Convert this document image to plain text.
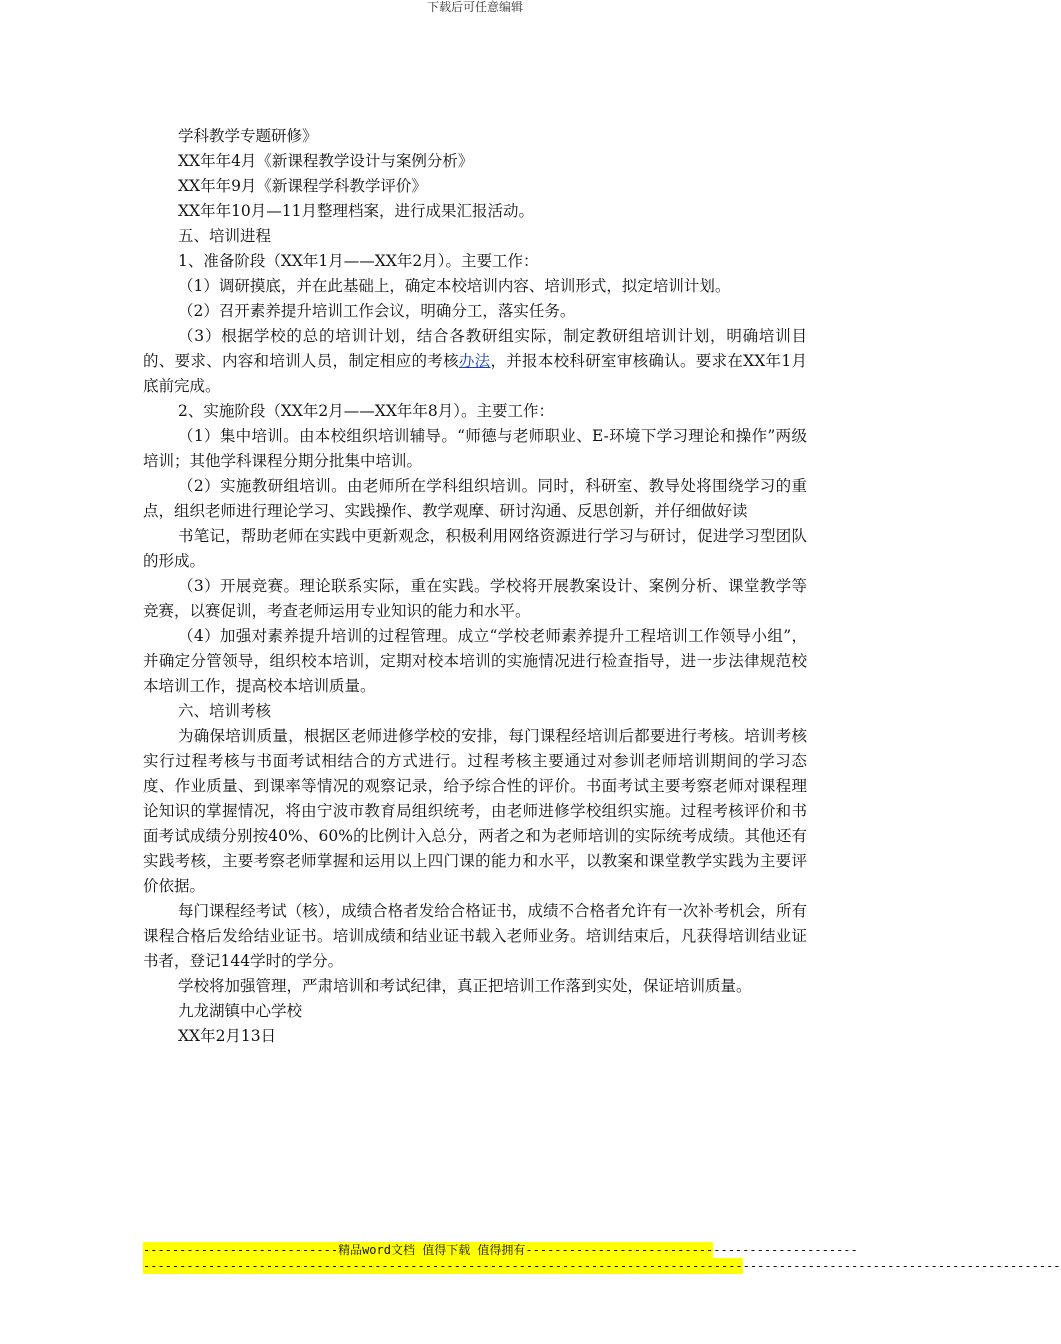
下载后可任意编辑

学科教学专题研修》

XX年年4月《新课程教学设计与案例分析》

XX年年9月《新课程学科教学评价》

XX年年10月—11月整理档案，进行成果汇报活动。

五、培训进程

1、准备阶段（XX年1月——XX年2月）。主要工作：

（1）调研摸底，并在此基础上，确定本校培训内容、培训形式，拟定培训计划。

（2）召开素养提升培训工作会议，明确分工，落实任务。

（3）根据学校的总的培训计划，结合各教研组实际，制定教研组培训计划，明确培训目的、要求、内容和培训人员，制定相应的考核办法，并报本校科研室审核确认。要求在XX年1月底前完成。

2、实施阶段（XX年2月——XX年年8月）。主要工作：

（1）集中培训。由本校组织培训辅导。“师德与老师职业、E-环境下学习理论和操作”两级培训；其他学科课程分期分批集中培训。

（2）实施教研组培训。由老师所在学科组织培训。同时，科研室、教导处将围绕学习的重点，组织老师进行理论学习、实践操作、教学观摩、研讨沟通、反思创新，并仔细做好读

书笔记，帮助老师在实践中更新观念，积极利用网络资源进行学习与研讨，促进学习型团队的形成。

（3）开展竞赛。理论联系实际，重在实践。学校将开展教案设计、案例分析、课堂教学等竞赛，以赛促训，考查老师运用专业知识的能力和水平。

（4）加强对素养提升培训的过程管理。成立“学校老师素养提升工程培训工作领导小组”，并确定分管领导，组织校本培训，定期对校本培训的实施情况进行检查指导，进一步法律规范校本培训工作，提高校本培训质量。

六、培训考核

为确保培训质量，根据区老师进修学校的安排，每门课程经培训后都要进行考核。培训考核实行过程考核与书面考试相结合的方式进行。过程考核主要通过对参训老师培训期间的学习态度、作业质量、到课率等情况的观察记录，给予综合性的评价。书面考试主要考察老师对课程理论知识的掌握情况，将由宁波市教育局组织统考，由老师进修学校组织实施。过程考核评价和书面考试成绩分别按40%、60%的比例计入总分，两者之和为老师培训的实际统考成绩。其他还有实践考核，主要考察老师掌握和运用以上四门课的能力和水平，以教案和课堂教学实践为主要评价依据。

每门课程经考试（核），成绩合格者发给合格证书，成绩不合格者允许有一次补考机会，所有课程合格后发给结业证书。培训成绩和结业证书载入老师业务。培训结束后，凡获得培训结业证书者，登记144学时的学分。

学校将加强管理，严肃培训和考试纪律，真正把培训工作落到实处，保证培训质量。

九龙湖镇中心学校

XX年2月13日

---------------------------精品word文档 值得下载 值得拥有----------------------------------------------
-------------------------------------------------------------------------------------------------------------------------------
